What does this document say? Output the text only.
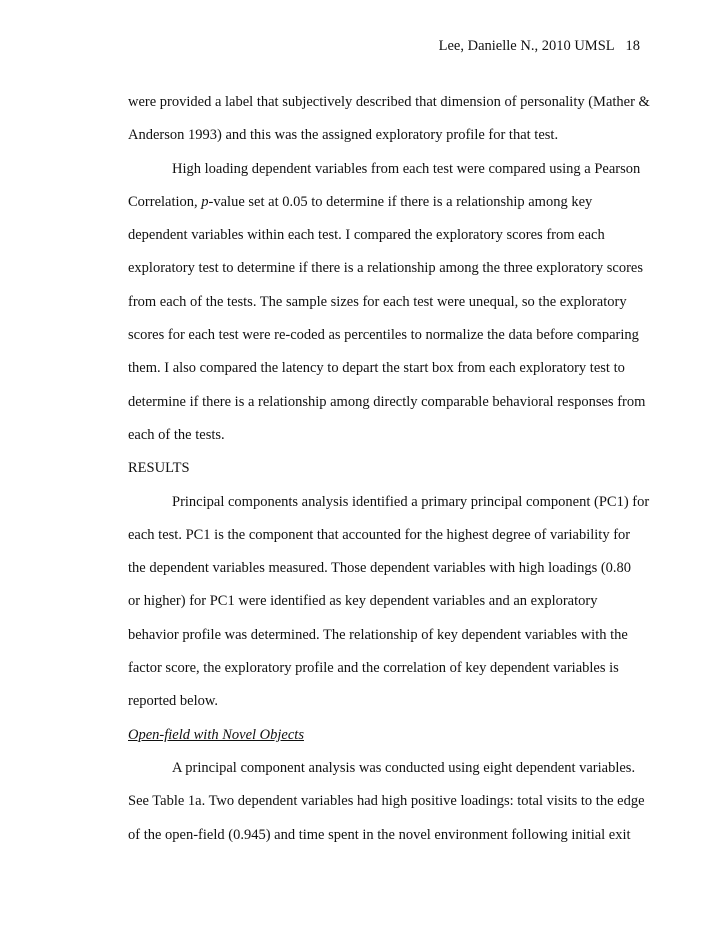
Lee, Danielle N., 2010 UMSL 18
were provided a label that subjectively described that dimension of personality (Mather &
Anderson 1993) and this was the assigned exploratory profile for that test.
High loading dependent variables from each test were compared using a Pearson
Correlation, p-value set at 0.05 to determine if there is a relationship among key
dependent variables within each test. I compared the exploratory scores from each
exploratory test to determine if there is a relationship among the three exploratory scores
from each of the tests. The sample sizes for each test were unequal, so the exploratory
scores for each test were re-coded as percentiles to normalize the data before comparing
them. I also compared the latency to depart the start box from each exploratory test to
determine if there is a relationship among directly comparable behavioral responses from
each of the tests.
RESULTS
Principal components analysis identified a primary principal component (PC1) for
each test. PC1 is the component that accounted for the highest degree of variability for
the dependent variables measured. Those dependent variables with high loadings (0.80
or higher) for PC1 were identified as key dependent variables and an exploratory
behavior profile was determined. The relationship of key dependent variables with the
factor score, the exploratory profile and the correlation of key dependent variables is
reported below.
Open-field with Novel Objects
A principal component analysis was conducted using eight dependent variables.
See Table 1a. Two dependent variables had high positive loadings: total visits to the edge
of the open-field (0.945) and time spent in the novel environment following initial exit
